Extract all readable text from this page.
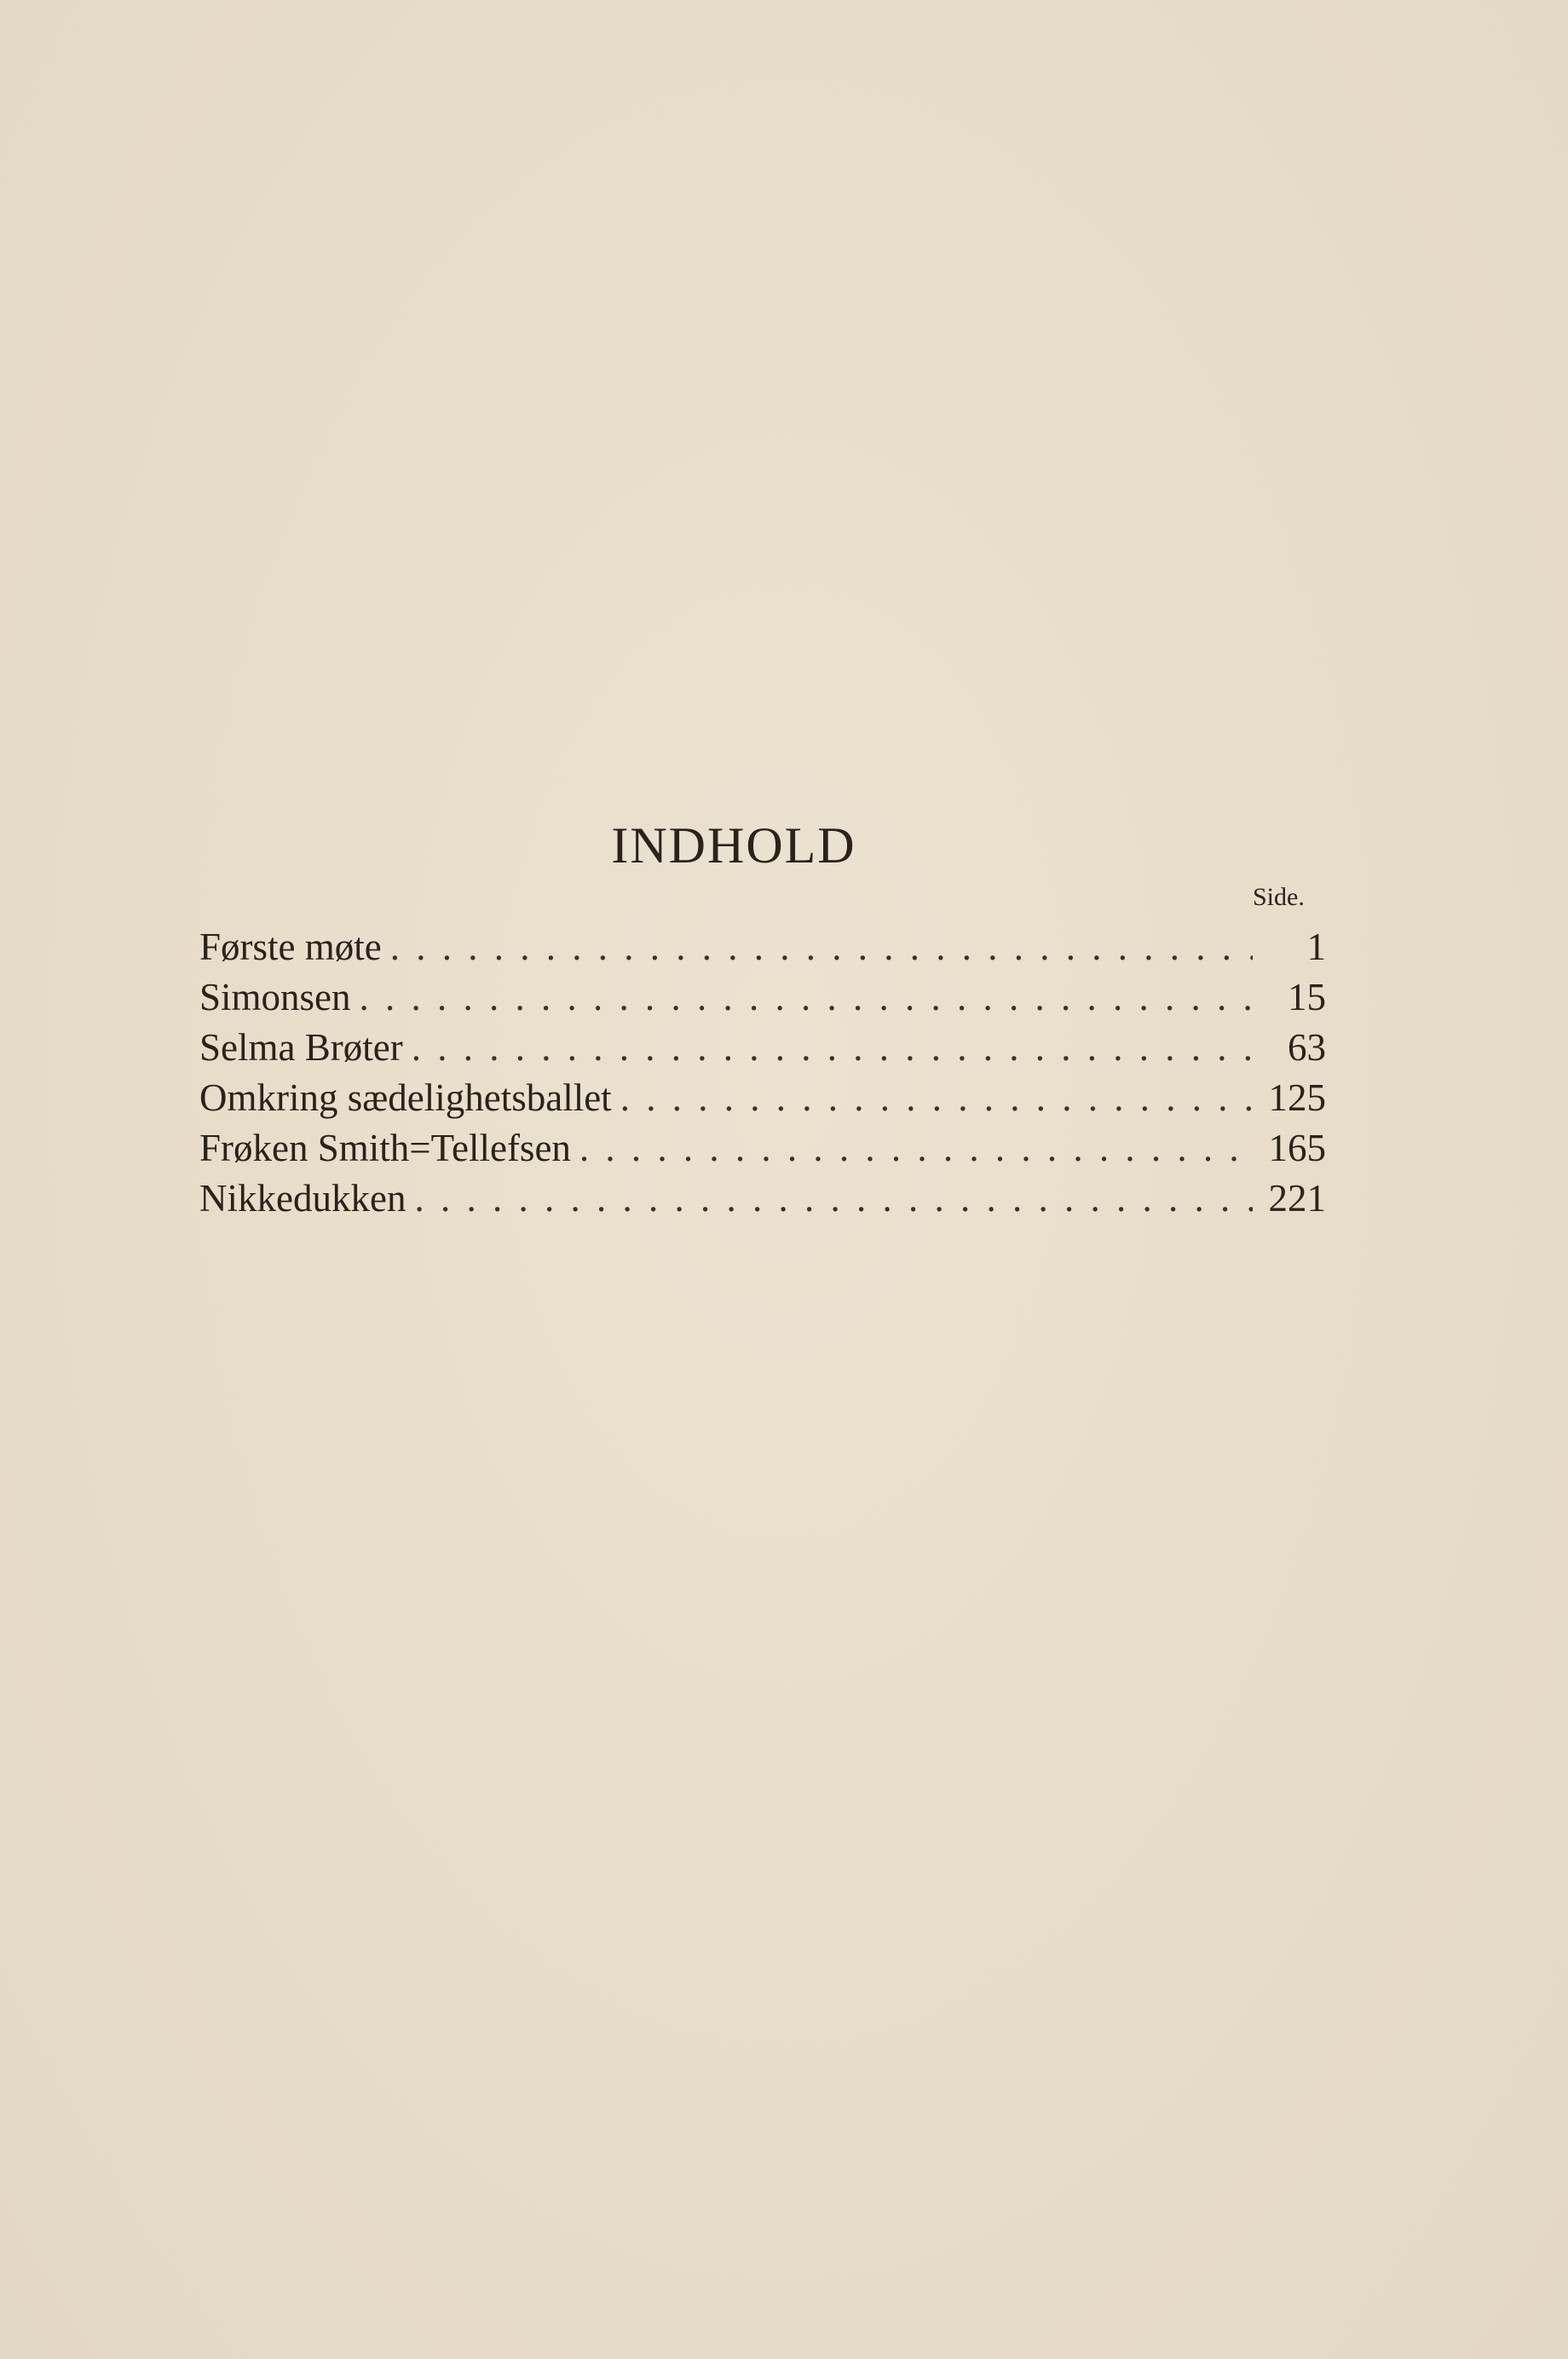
INDHOLD
Side.
Første møte . . .	1
Simonsen . . .	15
Selma Brøter . . .	63
Omkring sædelighetsballet . . .	125
Frøken Smith=Tellefsen . . .	165
Nikkedukken . . .	221
